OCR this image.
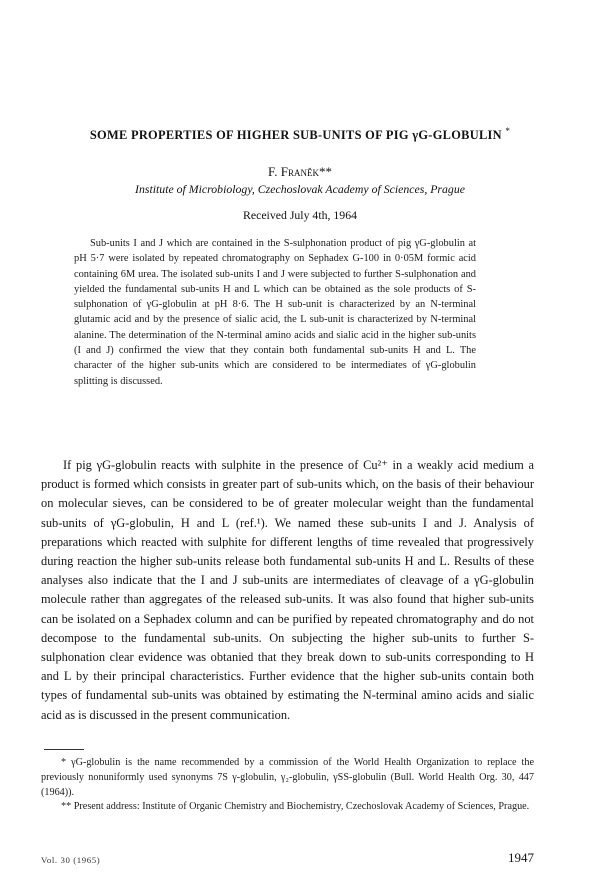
SOME PROPERTIES OF HIGHER SUB-UNITS OF PIG γG-GLOBULIN *
F. Franěk**
Institute of Microbiology, Czechoslovak Academy of Sciences, Prague
Received July 4th, 1964
Sub-units I and J which are contained in the S-sulphonation product of pig γG-globulin at pH 5·7 were isolated by repeated chromatography on Sephadex G-100 in 0·05M formic acid containing 6M urea. The isolated sub-units I and J were subjected to further S-sulphonation and yielded the fundamental sub-units H and L which can be obtained as the sole products of S-sulphonation of γG-globulin at pH 8·6. The H sub-unit is characterized by an N-terminal glutamic acid and by the presence of sialic acid, the L sub-unit is characterized by N-terminal alanine. The determination of the N-terminal amino acids and sialic acid in the higher sub-units (I and J) confirmed the view that they contain both fundamental sub-units H and L. The character of the higher sub-units which are considered to be intermediates of γG-globulin splitting is discussed.
If pig γG-globulin reacts with sulphite in the presence of Cu²⁺ in a weakly acid medium a product is formed which consists in greater part of sub-units which, on the basis of their behaviour on molecular sieves, can be considered to be of greater molecular weight than the fundamental sub-units of γG-globulin, H and L (ref.¹). We named these sub-units I and J. Analysis of preparations which reacted with sulphite for different lengths of time revealed that progressively during reaction the higher sub-units release both fundamental sub-units H and L. Results of these analyses also indicate that the I and J sub-units are intermediates of cleavage of a γG-globulin molecule rather than aggregates of the released sub-units. It was also found that higher sub-units can be isolated on a Sephadex column and can be purified by repeated chromatography and do not decompose to the fundamental sub-units. On subjecting the higher sub-units to further S-sulphonation clear evidence was obtanied that they break down to sub-units corresponding to H and L by their principal characteristics. Further evidence that the higher sub-units contain both types of fundamental sub-units was obtained by estimating the N-terminal amino acids and sialic acid as is discussed in the present communication.

* γG-globulin is the name recommended by a commission of the World Health Organization to replace the previously nonuniformly used synonyms 7S γ-globulin, γ₂-globulin, γSS-globulin (Bull. World Health Org. 30, 447 (1964)).

** Present address: Institute of Organic Chemistry and Biochemistry, Czechoslovak Academy of Sciences, Prague.

Vol. 30 (1965)	1947
